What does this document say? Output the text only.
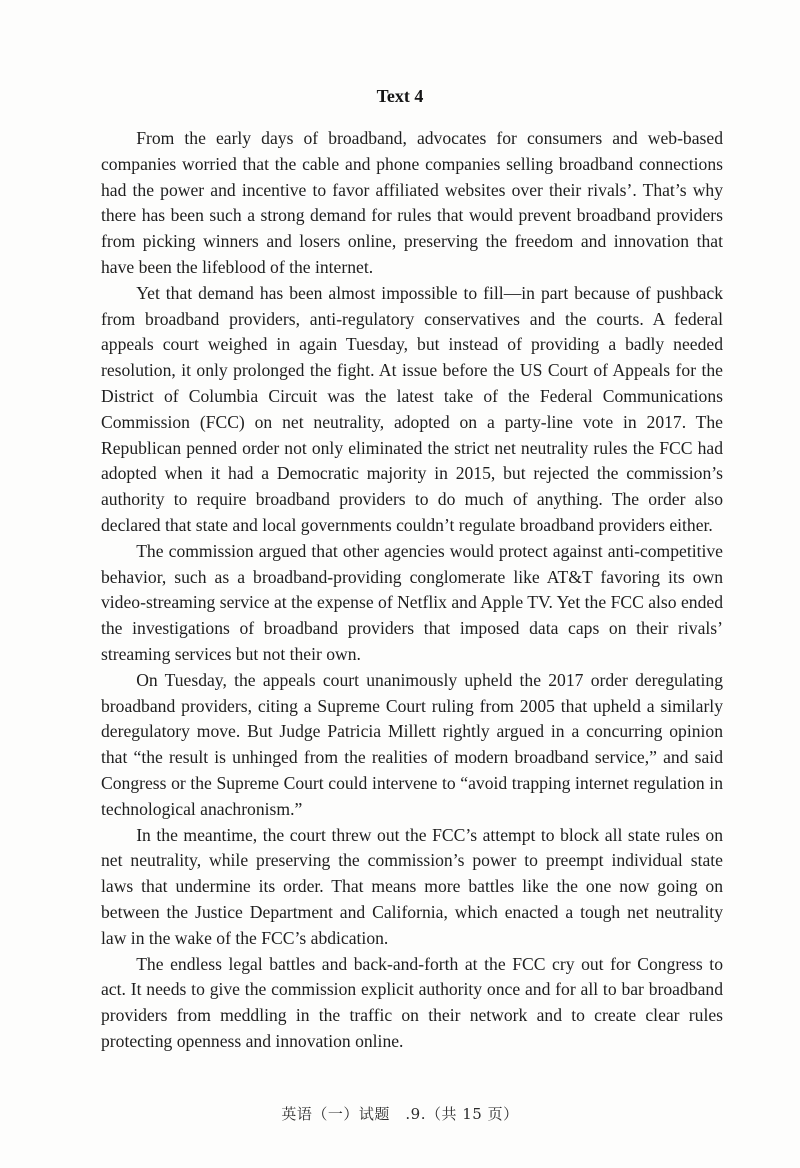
Text 4

From the early days of broadband, advocates for consumers and web-based companies worried that the cable and phone companies selling broadband connections had the power and incentive to favor affiliated websites over their rivals’. That’s why there has been such a strong demand for rules that would prevent broadband providers from picking winners and losers online, preserving the freedom and innovation that have been the lifeblood of the internet.

Yet that demand has been almost impossible to fill—in part because of pushback from broadband providers, anti-regulatory conservatives and the courts. A federal appeals court weighed in again Tuesday, but instead of providing a badly needed resolution, it only prolonged the fight. At issue before the US Court of Appeals for the District of Columbia Circuit was the latest take of the Federal Communications Commission (FCC) on net neutrality, adopted on a party-line vote in 2017. The Republican penned order not only eliminated the strict net neutrality rules the FCC had adopted when it had a Democratic majority in 2015, but rejected the commission’s authority to require broadband providers to do much of anything. The order also declared that state and local governments couldn’t regulate broadband providers either.

The commission argued that other agencies would protect against anti-competitive behavior, such as a broadband-providing conglomerate like AT&T favoring its own video-streaming service at the expense of Netflix and Apple TV. Yet the FCC also ended the investigations of broadband providers that imposed data caps on their rivals’ streaming services but not their own.

On Tuesday, the appeals court unanimously upheld the 2017 order deregulating broadband providers, citing a Supreme Court ruling from 2005 that upheld a similarly deregulatory move. But Judge Patricia Millett rightly argued in a concurring opinion that “the result is unhinged from the realities of modern broadband service,” and said Congress or the Supreme Court could intervene to “avoid trapping internet regulation in technological anachronism.”

In the meantime, the court threw out the FCC’s attempt to block all state rules on net neutrality, while preserving the commission’s power to preempt individual state laws that undermine its order. That means more battles like the one now going on between the Justice Department and California, which enacted a tough net neutrality law in the wake of the FCC’s abdication.

The endless legal battles and back-and-forth at the FCC cry out for Congress to act. It needs to give the commission explicit authority once and for all to bar broadband providers from meddling in the traffic on their network and to create clear rules protecting openness and innovation online.

英语（一）试题　.9.（共 15 页）
